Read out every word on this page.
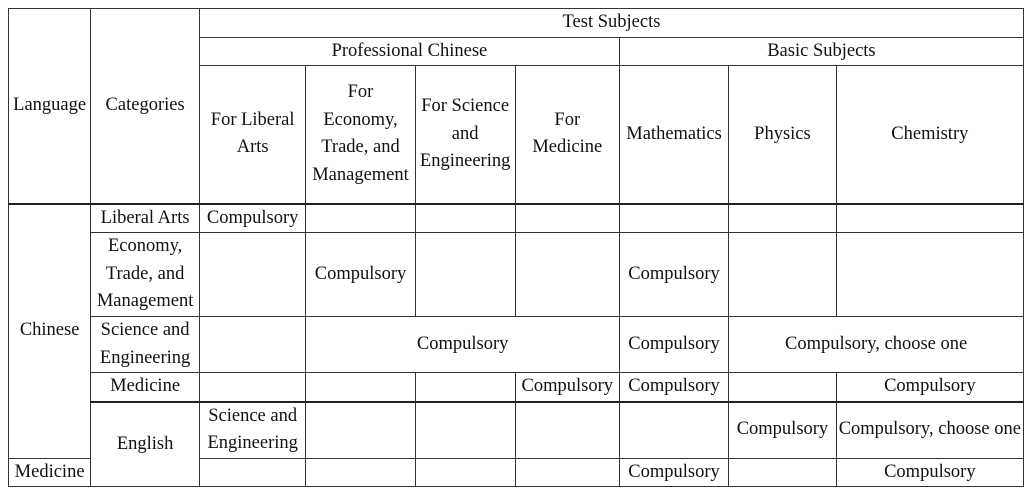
Language	Categories	Test Subjects						
		Professional Chinese				Basic Subjects		
		For Liberal Arts	For Economy, Trade, and Management	For Science and Engineering	For Medicine	Mathematics	Physics	Chemistry
Chinese	Liberal Arts	Compulsory						
	Economy, Trade, and Management		Compulsory			Compulsory		
	Science and Engineering		Compulsory			Compulsory	Compulsory, choose one	
	Medicine				Compulsory	Compulsory		Compulsory
	English	Science and Engineering					Compulsory	Compulsory, choose one
Medicine						Compulsory		Compulsory
